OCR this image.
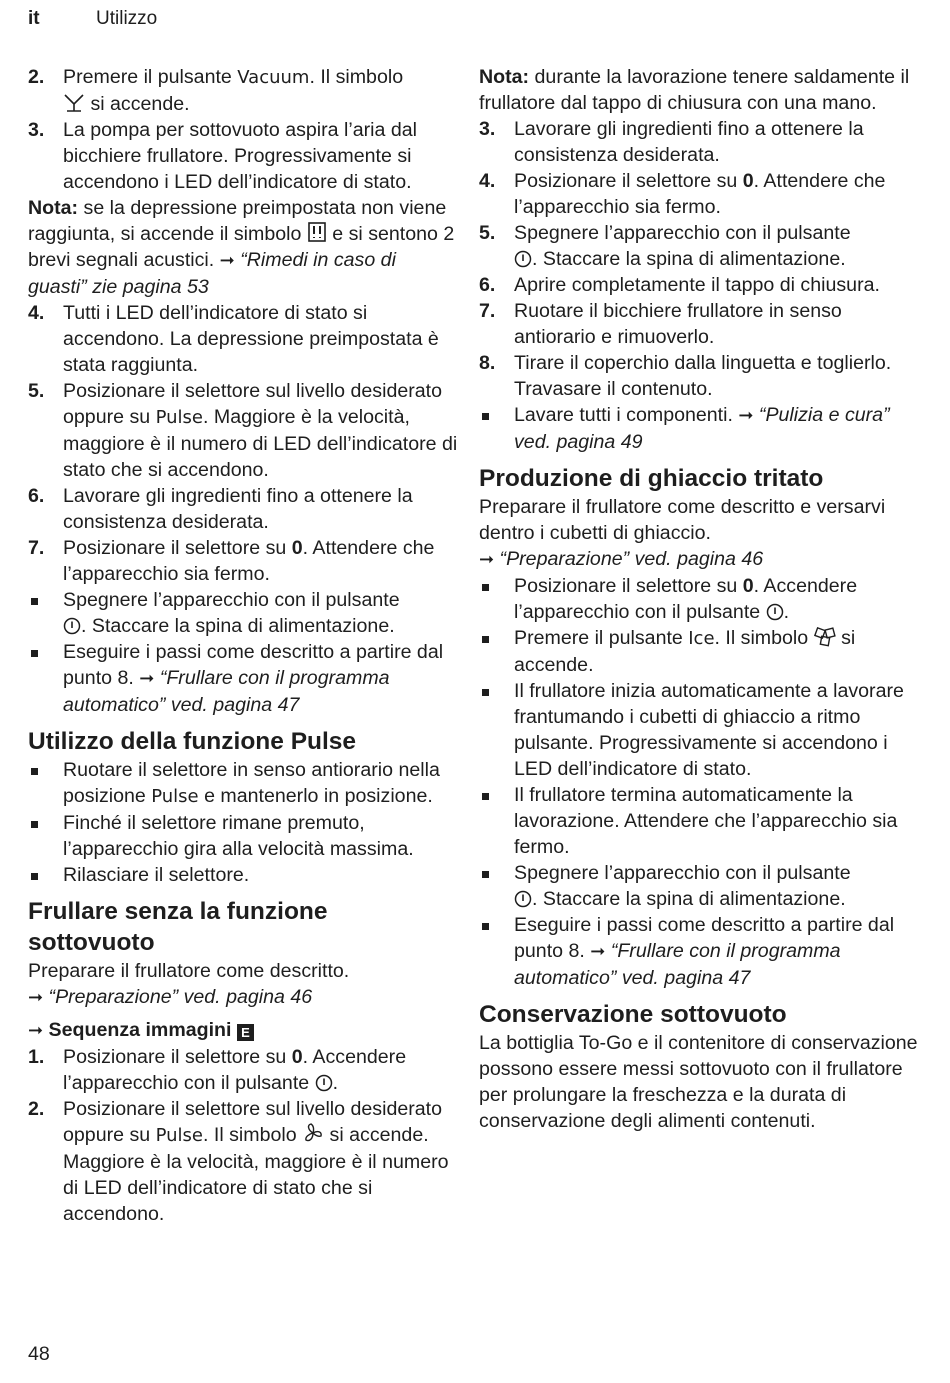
it	Utilizzo
2. Premere il pulsante Vacuum. Il simbolo
si accende.
3. La pompa per sottovuoto aspira l’aria dal bicchiere frullatore. Progressivamente si accendono i LED dell’indicatore di stato.
Nota: se la depressione preimpostata non viene raggiunta, si accende il simbolo  e si sentono 2 brevi segnali acustici. ➞ “Rimedi in caso di guasti” zie pagina 53
4. Tutti i LED dell’indicatore di stato si accendono. La depressione preimpostata è stata raggiunta.
5. Posizionare il selettore sul livello desiderato oppure su Pulse. Maggiore è la velocità, maggiore è il numero di LED dell’indicatore di stato che si accendono.
6. Lavorare gli ingredienti fino a ottenere la consistenza desiderata.
7. Posizionare il selettore su 0. Attendere che l’apparecchio sia fermo.
Spegnere l’apparecchio con il pulsante
. Staccare la spina di alimentazione.
Eseguire i passi come descritto a partire dal punto 8. ➞ “Frullare con il programma automatico” ved. pagina 47
Utilizzo della funzione Pulse
Ruotare il selettore in senso antiorario nella posizione Pulse e mantenerlo in posizione.
Finché il selettore rimane premuto, l’apparecchio gira alla velocità massima.
Rilasciare il selettore.
Frullare senza la funzione sottovuoto
Preparare il frullatore come descritto.
➞ “Preparazione” ved. pagina 46
➞ Sequenza immagini E
1. Posizionare il selettore su 0. Accendere l’apparecchio con il pulsante .
2. Posizionare il selettore sul livello desiderato oppure su Pulse. Il simbolo  si accende. Maggiore è la velocità, maggiore è il numero di LED dell’indicatore di stato che si accendono.
Nota: durante la lavorazione tenere saldamente il frullatore dal tappo di chiusura con una mano.
3. Lavorare gli ingredienti fino a ottenere la consistenza desiderata.
4. Posizionare il selettore su 0. Attendere che l’apparecchio sia fermo.
5. Spegnere l’apparecchio con il pulsante
. Staccare la spina di alimentazione.
6. Aprire completamente il tappo di chiusura.
7. Ruotare il bicchiere frullatore in senso antiorario e rimuoverlo.
8. Tirare il coperchio dalla linguetta e toglierlo. Travasare il contenuto.
Lavare tutti i componenti. ➞ “Pulizia e cura” ved. pagina 49
Produzione di ghiaccio tritato
Preparare il frullatore come descritto e versarvi dentro i cubetti di ghiaccio.
➞ “Preparazione” ved. pagina 46
Posizionare il selettore su 0. Accendere l’apparecchio con il pulsante .
Premere il pulsante Ice. Il simbolo  si accende.
Il frullatore inizia automaticamente a lavorare frantumando i cubetti di ghiaccio a ritmo pulsante. Progressivamente si accendono i LED dell’indicatore di stato.
Il frullatore termina automaticamente la lavorazione. Attendere che l’apparecchio sia fermo.
Spegnere l’apparecchio con il pulsante
. Staccare la spina di alimentazione.
Eseguire i passi come descritto a partire dal punto 8. ➞ “Frullare con il programma automatico” ved. pagina 47
Conservazione sottovuoto
La bottiglia To-Go e il contenitore di conservazione possono essere messi sottovuoto con il frullatore per prolungare la freschezza e la durata di conservazione degli alimenti contenuti.
48
